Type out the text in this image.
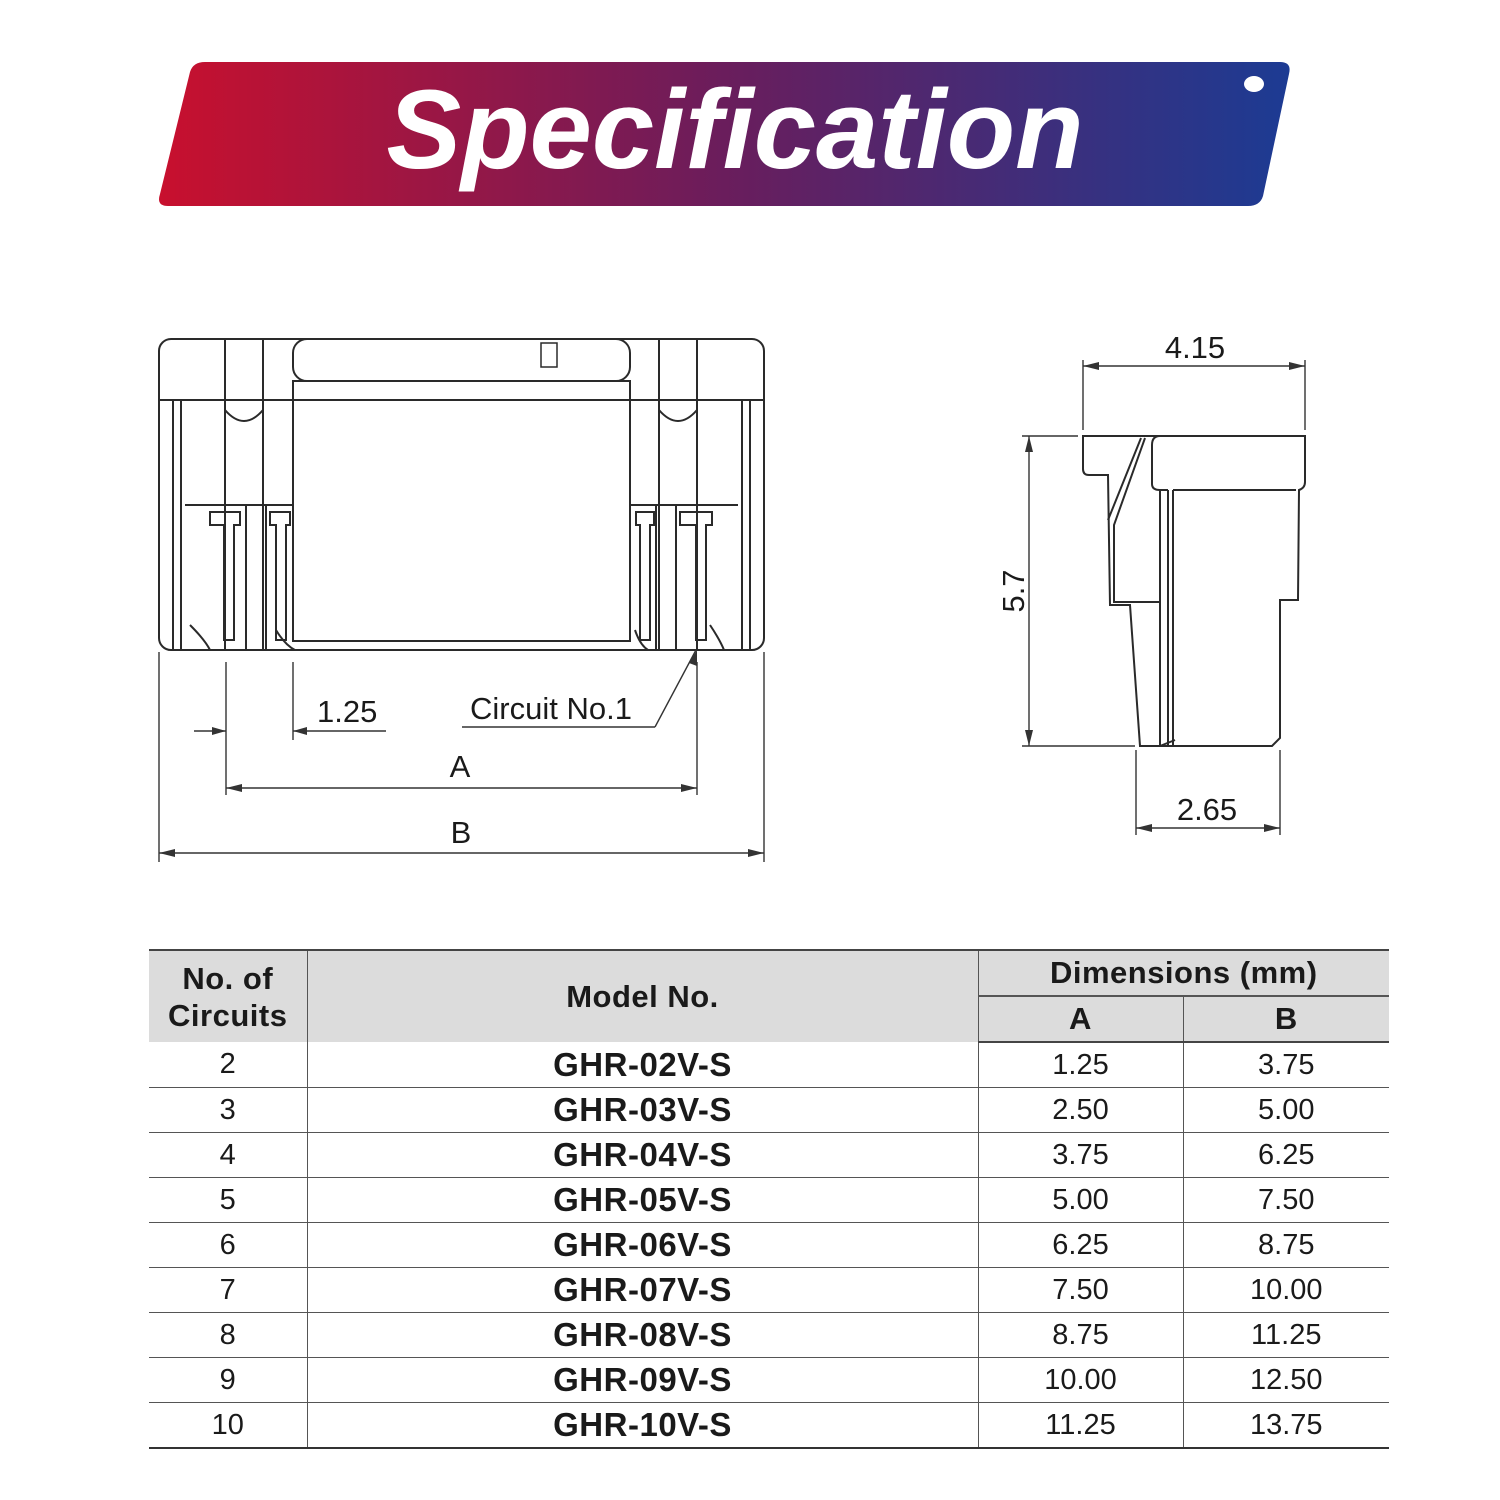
Specification
1.25	Circuit No.1
A
B
4.15
5.7
2.65
No. of
Circuits	Model No.	Dimensions (mm)	
		A	B
2	GHR-02V-S	1.25	3.75
3	GHR-03V-S	2.50	5.00
4	GHR-04V-S	3.75	6.25
5	GHR-05V-S	5.00	7.50
6	GHR-06V-S	6.25	8.75
7	GHR-07V-S	7.50	10.00
8	GHR-08V-S	8.75	11.25
9	GHR-09V-S	10.00	12.50
10	GHR-10V-S	11.25	13.75
